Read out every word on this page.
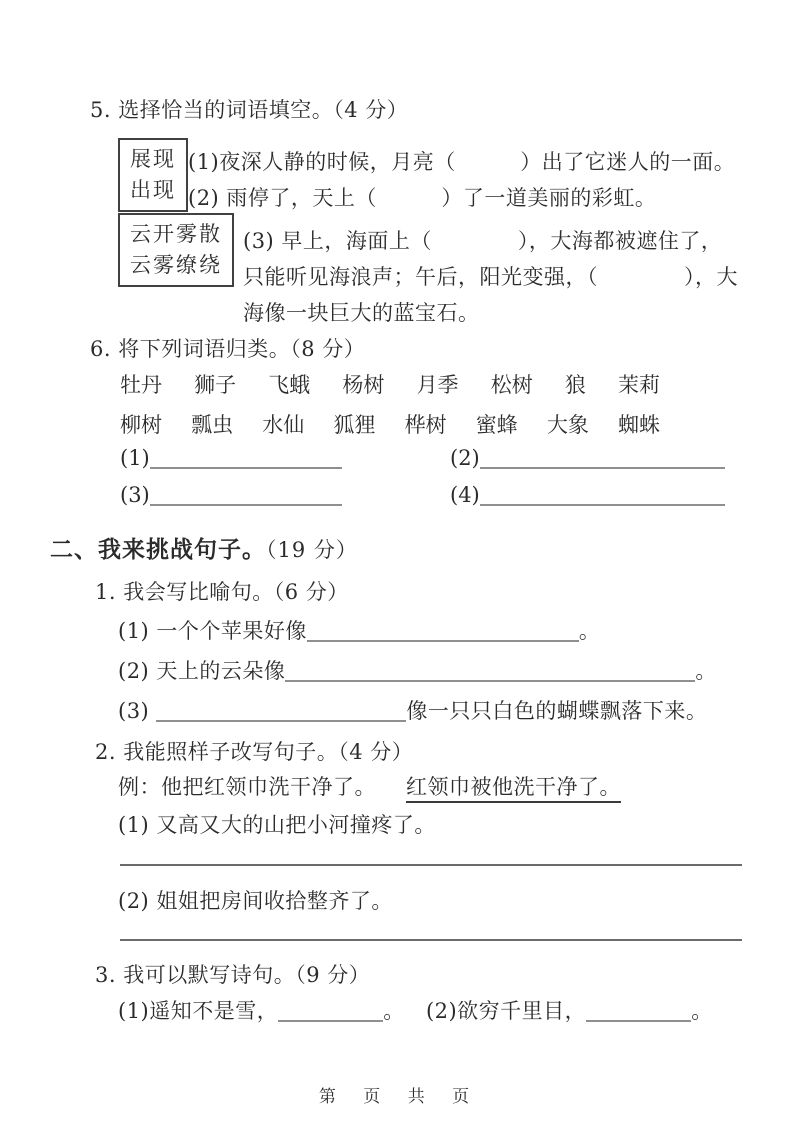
5. 选择恰当的词语填空。（4 分）
展现
出现
(1)夜深人静的时候，月亮（　　　）出了它迷人的一面。
(2) 雨停了，天上（　　　）了一道美丽的彩虹。
云开雾散
云雾缭绕
(3) 早上，海面上（　　　　），大海都被遮住了，
只能听见海浪声；午后，阳光变强，（　　　　），大
海像一块巨大的蓝宝石。
6. 将下列词语归类。（8 分）
牡丹 狮子 飞蛾 杨树 月季 松树 狼 茉莉
柳树 瓢虫 水仙 狐狸 桦树 蜜蜂 大象 蜘蛛
(1)	(2)
(3)	(4)
二、我来挑战句子。（19 分）
1. 我会写比喻句。（6 分）
(1) 一个个苹果好像	。
(2) 天上的云朵像	。
(3)	像一只只白色的蝴蝶飘落下来。
2. 我能照样子改写句子。（4 分）
例：他把红领巾洗干净了。 红领巾被他洗干净了。
(1) 又高又大的山把小河撞疼了。
(2) 姐姐把房间收拾整齐了。
3. 我可以默写诗句。（9 分）
(1)遥知不是雪，	。 (2)欲穷千里目，	。
第 页 共 页
